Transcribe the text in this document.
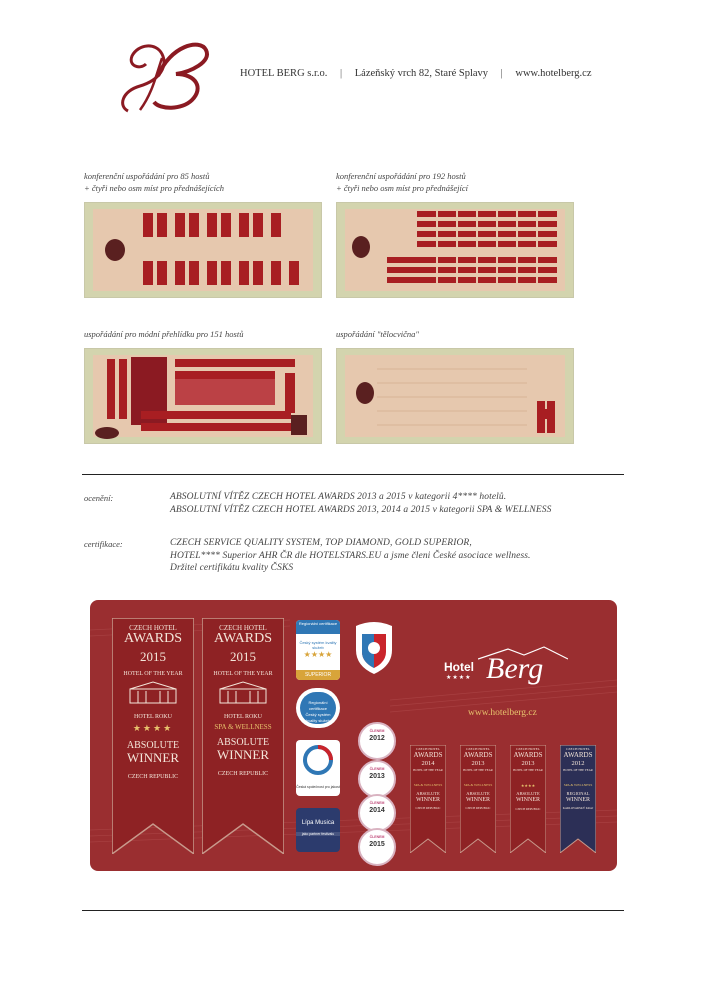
HOTEL BERG s.r.o. | Lázeňský vrch 82, Staré Splavy | www.hotelberg.cz
konferenční uspořádání pro 85 hostů
+ čtyři nebo osm míst pro přednášejících
konferenční uspořádání pro 192 hostů
+ čtyři nebo osm míst pro přednášející
uspořádání pro módní přehlídku pro 151 hostů	uspořádání "tělocvična"
ocenění:	ABSOLUTNÍ VÍTĚZ CZECH HOTEL AWARDS 2013 a 2015 v kategorii 4**** hotelů.
ABSOLUTNÍ VÍTĚZ CZECH HOTEL AWARDS 2013, 2014 a 2015 v kategorii SPA & WELLNESS
certifikace:	CZECH SERVICE QUALITY SYSTEM, TOP DIAMOND, GOLD SUPERIOR,
HOTEL**** Superior AHR ČR dle HOTELSTARS.EU a jsme členi České asociace wellness.
Držitel certifikátu kvality ČSKS
CZECH HOTEL
AWARDS
2015
HOTEL OF THE YEAR
HOTEL ROKU
★★★★
ABSOLUTE
WINNER
CZECH REPUBLIC
CZECH HOTEL
AWARDS
2015
HOTEL OF THE YEAR
HOTEL ROKU
SPA & WELLNESS
ABSOLUTE
WINNER
CZECH REPUBLIC
Regionální certifikace
Český systém kvality služeb
★★★★
SUPERIOR
Regionální certifikace
Český systém kvality služeb
Česká společnost pro jakost
Lípa Musica
jako partner festivalu
ČLENEM
2012
ČLENEM
2013
ČLENEM
2014
ČLENEM
2015
Hotel Berg
★★★★
www.hotelberg.cz
CZECH HOTEL
AWARDS
2014
HOTEL OF THE YEAR
SPA & WELLNESS
ABSOLUTE
WINNER
CZECH REPUBLIC
CZECH HOTEL
AWARDS
2013
HOTEL OF THE YEAR
SPA & WELLNESS
ABSOLUTE
WINNER
CZECH REPUBLIC
CZECH HOTEL
AWARDS
2013
HOTEL OF THE YEAR
★★★★
ABSOLUTE
WINNER
CZECH REPUBLIC
CZECH HOTEL
AWARDS
2012
HOTEL OF THE YEAR
SPA & WELLNESS
REGIONAL
WINNER
KARLOVARSKÝ KRAJ
